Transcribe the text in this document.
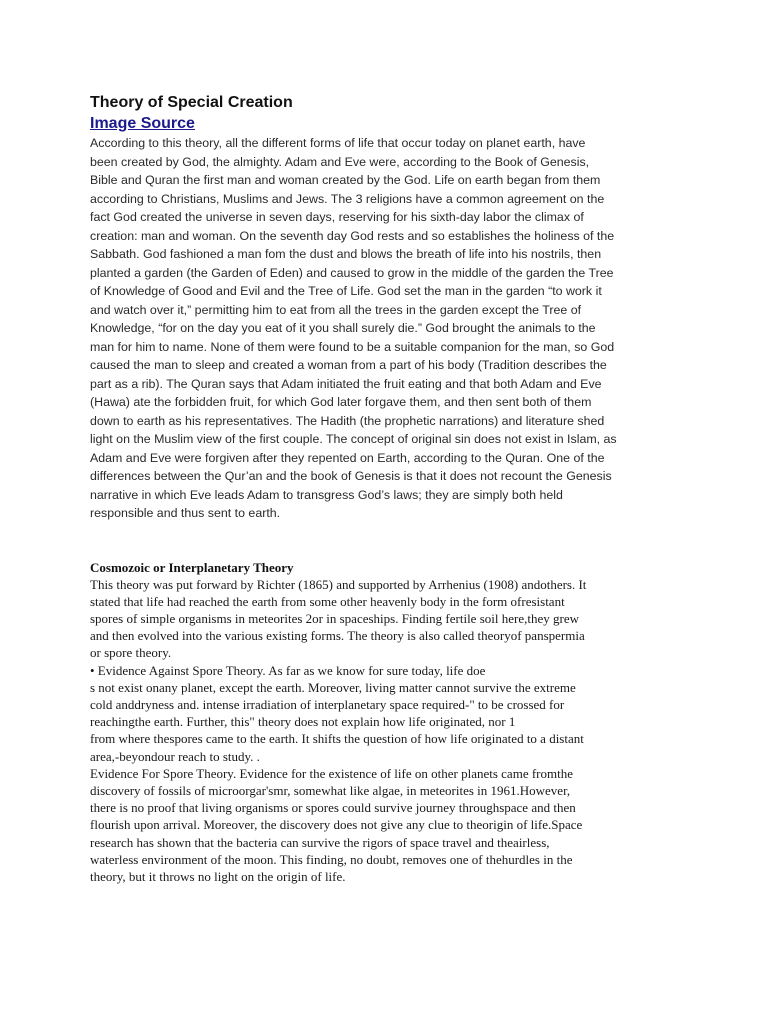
Theory of Special Creation
Image Source
According to this theory, all the different forms of life that occur today on planet earth, have
been created by God, the almighty. Adam and Eve were, according to the Book of Genesis,
Bible and Quran the first man and woman created by the God. Life on earth began from them
according to Christians, Muslims and Jews. The 3 religions have a common agreement on the
fact God created the universe in seven days, reserving for his sixth-day labor the climax of
creation: man and woman. On the seventh day God rests and so establishes the holiness of the
Sabbath. God fashioned a man fom the dust and blows the breath of life into his nostrils, then
planted a garden (the Garden of Eden) and caused to grow in the middle of the garden the Tree
of Knowledge of Good and Evil and the Tree of Life. God set the man in the garden “to work it
and watch over it,” permitting him to eat from all the trees in the garden except the Tree of
Knowledge, “for on the day you eat of it you shall surely die.” God brought the animals to the
man for him to name. None of them were found to be a suitable companion for the man, so God
caused the man to sleep and created a woman from a part of his body (Tradition describes the
part as a rib). The Quran says that Adam initiated the fruit eating and that both Adam and Eve
(Hawa) ate the forbidden fruit, for which God later forgave them, and then sent both of them
down to earth as his representatives. The Hadith (the prophetic narrations) and literature shed
light on the Muslim view of the first couple. The concept of original sin does not exist in Islam, as
Adam and Eve were forgiven after they repented on Earth, according to the Quran. One of the
differences between the Qur’an and the book of Genesis is that it does not recount the Genesis
narrative in which Eve leads Adam to transgress God’s laws; they are simply both held
responsible and thus sent to earth.
Cosmozoic or Interplanetary Theory
This theory was put forward by Richter (1865) and supported by Arrhenius (1908) andothers. It
stated that life had reached the earth from some other heavenly body in the form ofresistant
spores of simple organisms in meteorites 2or in spaceships. Finding fertile soil here,they grew
and then evolved into the various existing forms. The theory is also called theoryof panspermia
or spore theory.
• Evidence Against Spore Theory. As far as we know for sure today, life doe
s not exist onany planet, except the earth. Moreover, living matter cannot survive the extreme
cold anddryness and. intense irradiation of interplanetary space required-" to be crossed for
reachingthe earth. Further, this" theory does not explain how life originated, nor 1
from where thespores came to the earth. It shifts the question of how life originated to a distant
area,-beyondour reach to study. .
Evidence For Spore Theory. Evidence for the existence of life on other planets came fromthe
discovery of fossils of microorgar'smr, somewhat like algae, in meteorites in 1961.However,
there is no proof that living organisms or spores could survive journey throughspace and then
flourish upon arrival. Moreover, the discovery does not give any clue to theorigin of life.Space
research has shown that the bacteria can survive the rigors of space travel and theairless,
waterless environment of the moon. This finding, no doubt, removes one of thehurdles in the
theory, but it throws no light on the origin of life.
